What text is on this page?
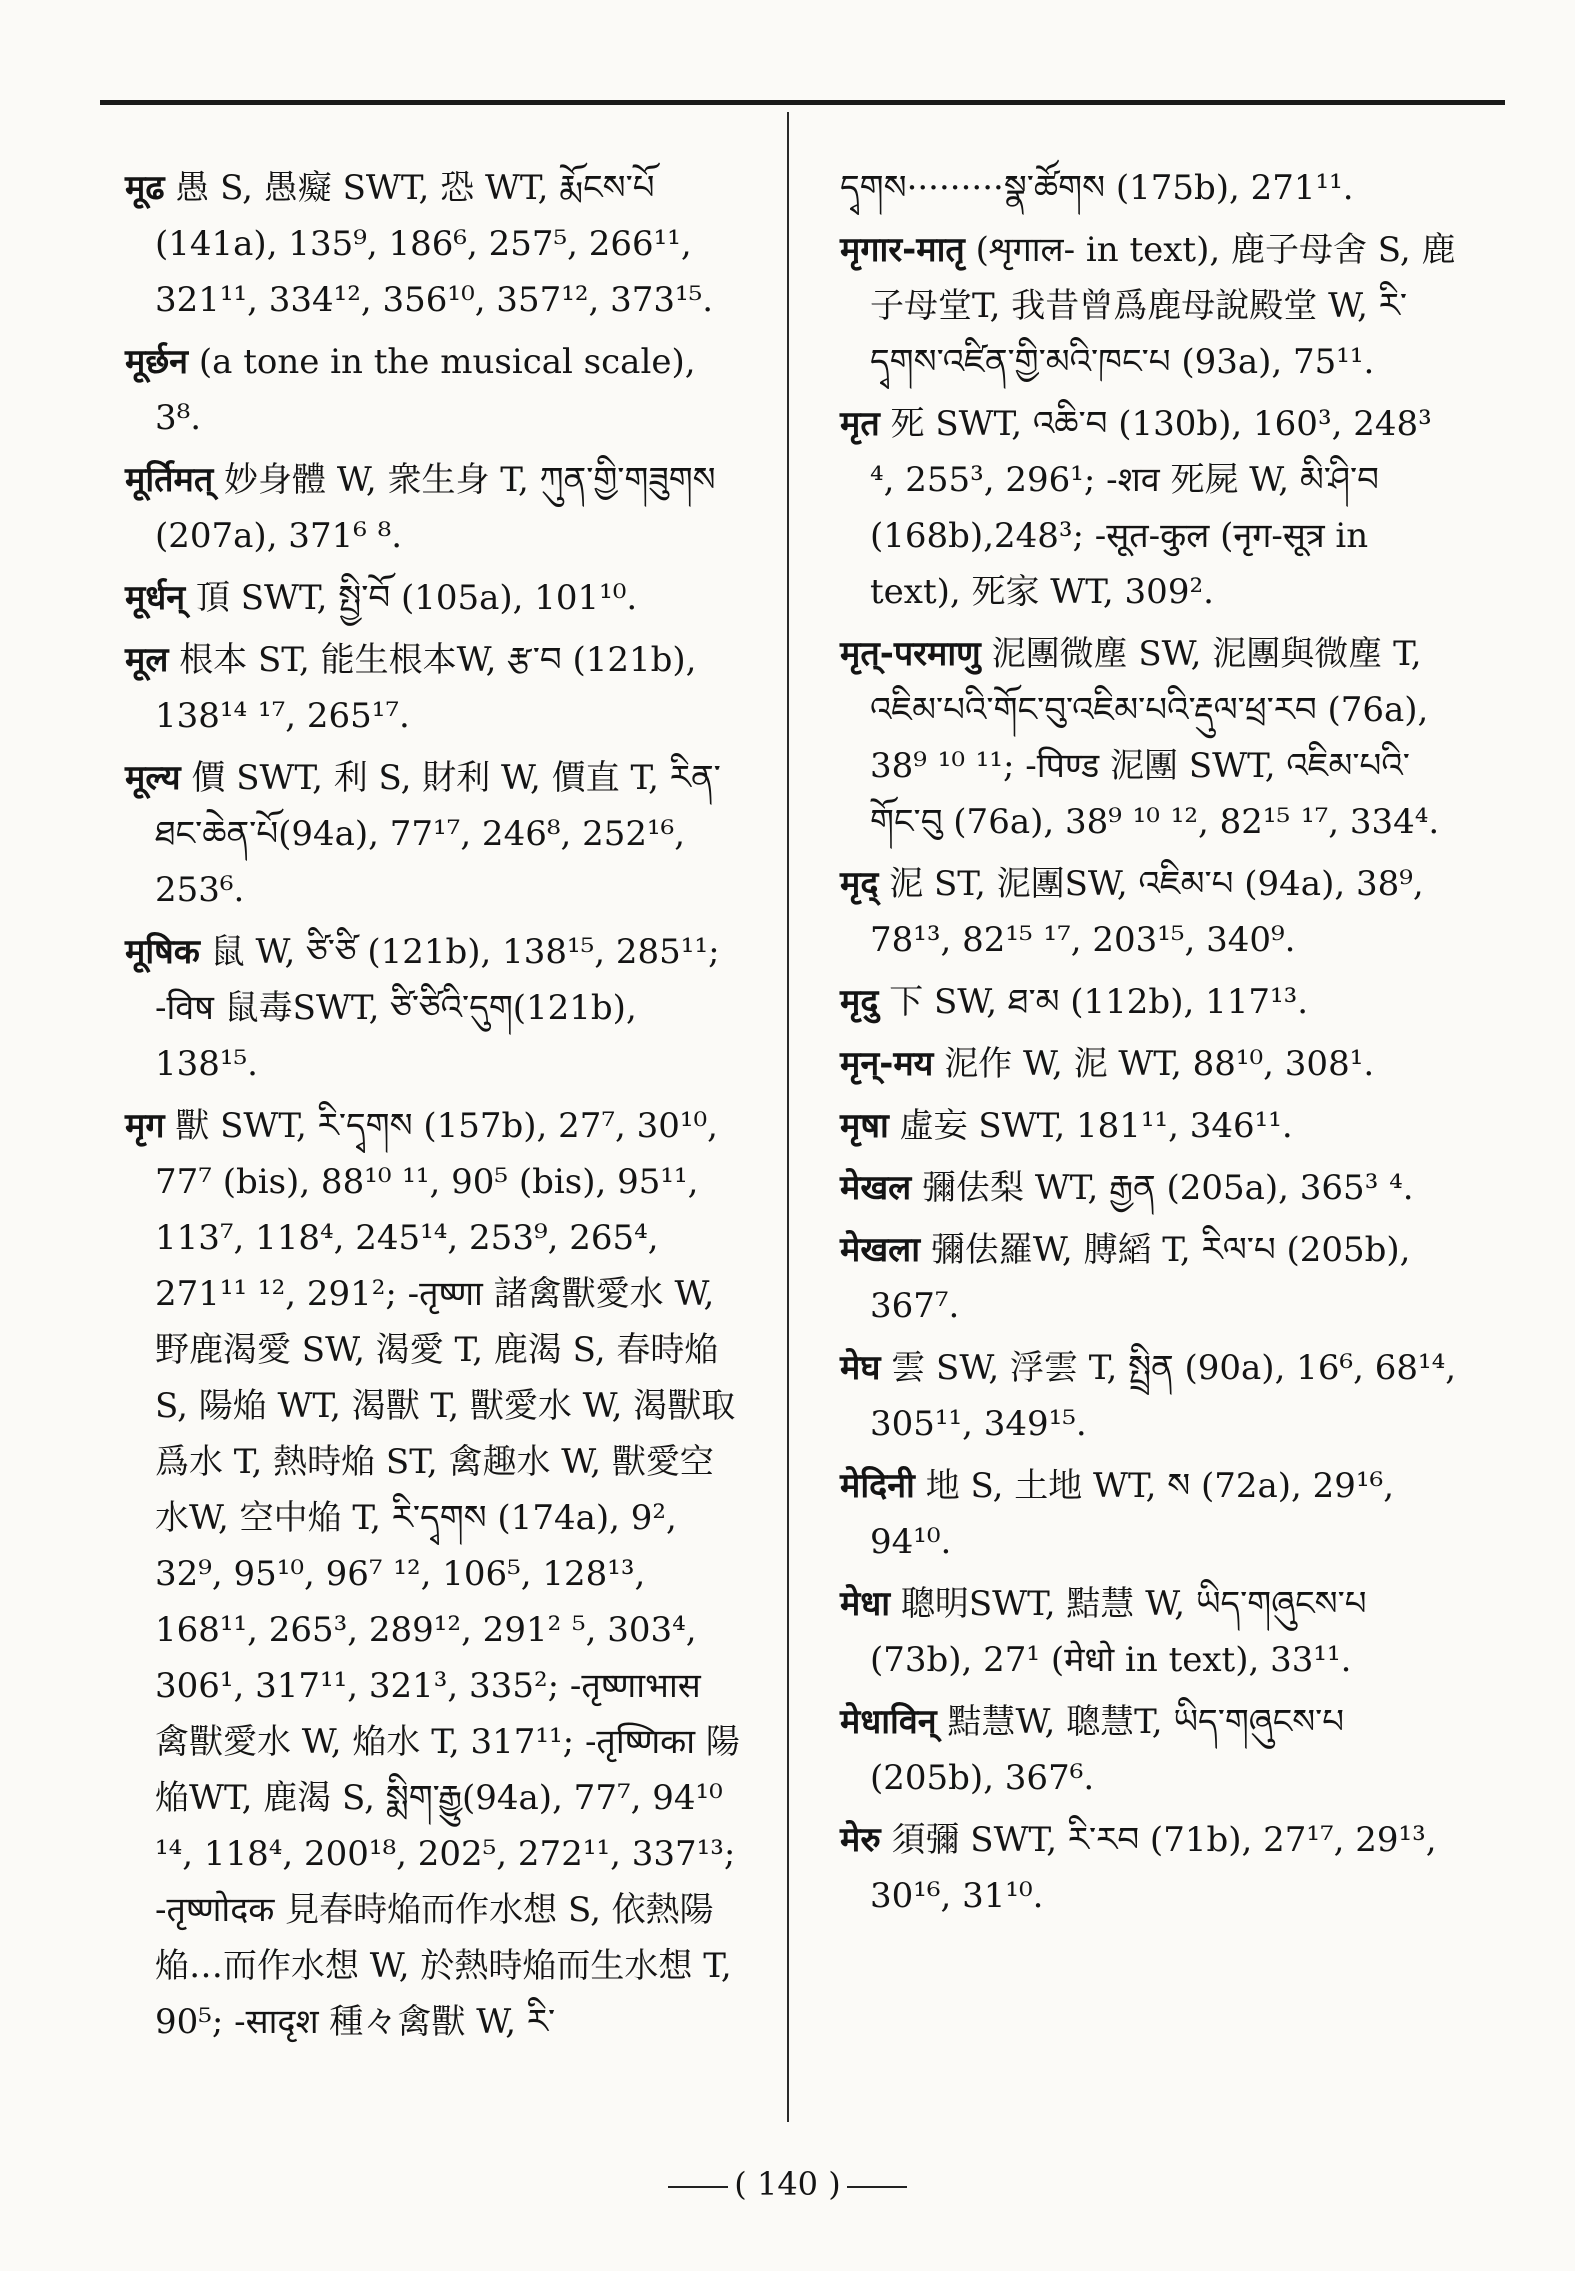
मूढ 愚 S, 愚癡 SWT, 恐 WT, རྨོངས་པོ (141a), 135⁹, 186⁶, 257⁵, 266¹¹, 321¹¹, 334¹², 356¹⁰, 357¹², 373¹⁵.
मूर्छन (a tone in the musical scale), 3⁸.
मूर्तिमत् 妙身體 W, 衆生身 T, ཀུན་གྱི་གཟུགས (207a), 371⁶ ⁸.
मूर्धन् 頂 SWT, སྤྱི་བོ (105a), 101¹⁰.
मूल 根本 ST, 能生根本W, རྩ་བ (121b), 138¹⁴ ¹⁷, 265¹⁷.
मूल्य 價 SWT, 利 S, 財利 W, 價直 T, རིན་ཐང་ཆེན་པོ(94a), 77¹⁷, 246⁸, 252¹⁶, 253⁶.
मूषिक 鼠 W, ཙི་ཙི (121b), 138¹⁵, 285¹¹; -विष 鼠毒SWT, ཙི་ཙིའི་དུག(121b), 138¹⁵.
मृग 獸 SWT, རི་དྭགས (157b), 27⁷, 30¹⁰, 77⁷ (bis), 88¹⁰ ¹¹, 90⁵ (bis), 95¹¹, 113⁷, 118⁴, 245¹⁴, 253⁹, 265⁴, 271¹¹ ¹², 291²; -तृष्णा 諸禽獸愛水 W, 野鹿渴愛 SW, 渴愛 T, 鹿渴 S, 春時焔 S, 陽焔 WT, 渴獸 T, 獸愛水 W, 渴獸取爲水 T, 熱時焔 ST, 禽趣水 W, 獸愛空水W, 空中焔 T, རི་དྭགས (174a), 9², 32⁹, 95¹⁰, 96⁷ ¹², 106⁵, 128¹³, 168¹¹, 265³, 289¹², 291² ⁵, 303⁴, 306¹, 317¹¹, 321³, 335²; -तृष्णाभास 禽獸愛水 W, 焔水 T, 317¹¹; -तृष्णिका 陽焔WT, 鹿渴 S, སྨིག་རྒྱུ(94a), 77⁷, 94¹⁰ ¹⁴, 118⁴, 200¹⁸, 202⁵, 272¹¹, 337¹³; -तृष्णोदक 見春時焔而作水想 S, 依熱陽焔…而作水想 W, 於熱時焔而生水想 T, 90⁵; -सादृश 種々禽獸 W, རི་
དྭགས·········སྣ་ཚོགས (175b), 271¹¹.
मृगार-मातृ (शृगाल- in text), 鹿子母舍 S, 鹿子母堂T, 我昔曾爲鹿母說殿堂 W, རི་དྭགས་འཛིན་གྱི་མའི་ཁང་པ (93a), 75¹¹.
मृत 死 SWT, འཆི་བ (130b), 160³, 248³ ⁴, 255³, 296¹; -शव 死屍 W, མི་ཤི་བ (168b),248³; -सूत-कुल (नृग-सूत्र in text), 死家 WT, 309².
मृत्-परमाणु 泥團微塵 SW, 泥團與微塵 T, འཇིམ་པའི་གོང་བུ་འཇིམ་པའི་རྡུལ་ཕྲ་རབ (76a), 38⁹ ¹⁰ ¹¹; -पिण्ड 泥團 SWT, འཇིམ་པའི་གོང་བུ (76a), 38⁹ ¹⁰ ¹², 82¹⁵ ¹⁷, 334⁴.
मृद् 泥 ST, 泥團SW, འཇིམ་པ (94a), 38⁹, 78¹³, 82¹⁵ ¹⁷, 203¹⁵, 340⁹.
मृदु 下 SW, ཐ་མ (112b), 117¹³.
मृन्-मय 泥作 W, 泥 WT, 88¹⁰, 308¹.
मृषा 虛妄 SWT, 181¹¹, 346¹¹.
मेखल 彌佉梨 WT, རྒྱན (205a), 365³ ⁴.
मेखला 彌佉羅W, 膊縚 T, རིལ་པ (205b), 367⁷.
मेघ 雲 SW, 浮雲 T, སྤྲིན (90a), 16⁶, 68¹⁴, 305¹¹, 349¹⁵.
मेदिनी 地 S, 土地 WT, ས (72a), 29¹⁶, 94¹⁰.
मेधा 聰明SWT, 黠慧 W, ཡིད་གཞུངས་པ (73b), 27¹ (मेधो in text), 33¹¹.
मेधाविन् 黠慧W, 聰慧T, ཡིད་གཞུངས་པ (205b), 367⁶.
मेरु 須彌 SWT, རི་རབ (71b), 27¹⁷, 29¹³, 30¹⁶, 31¹⁰.
( 140 )
